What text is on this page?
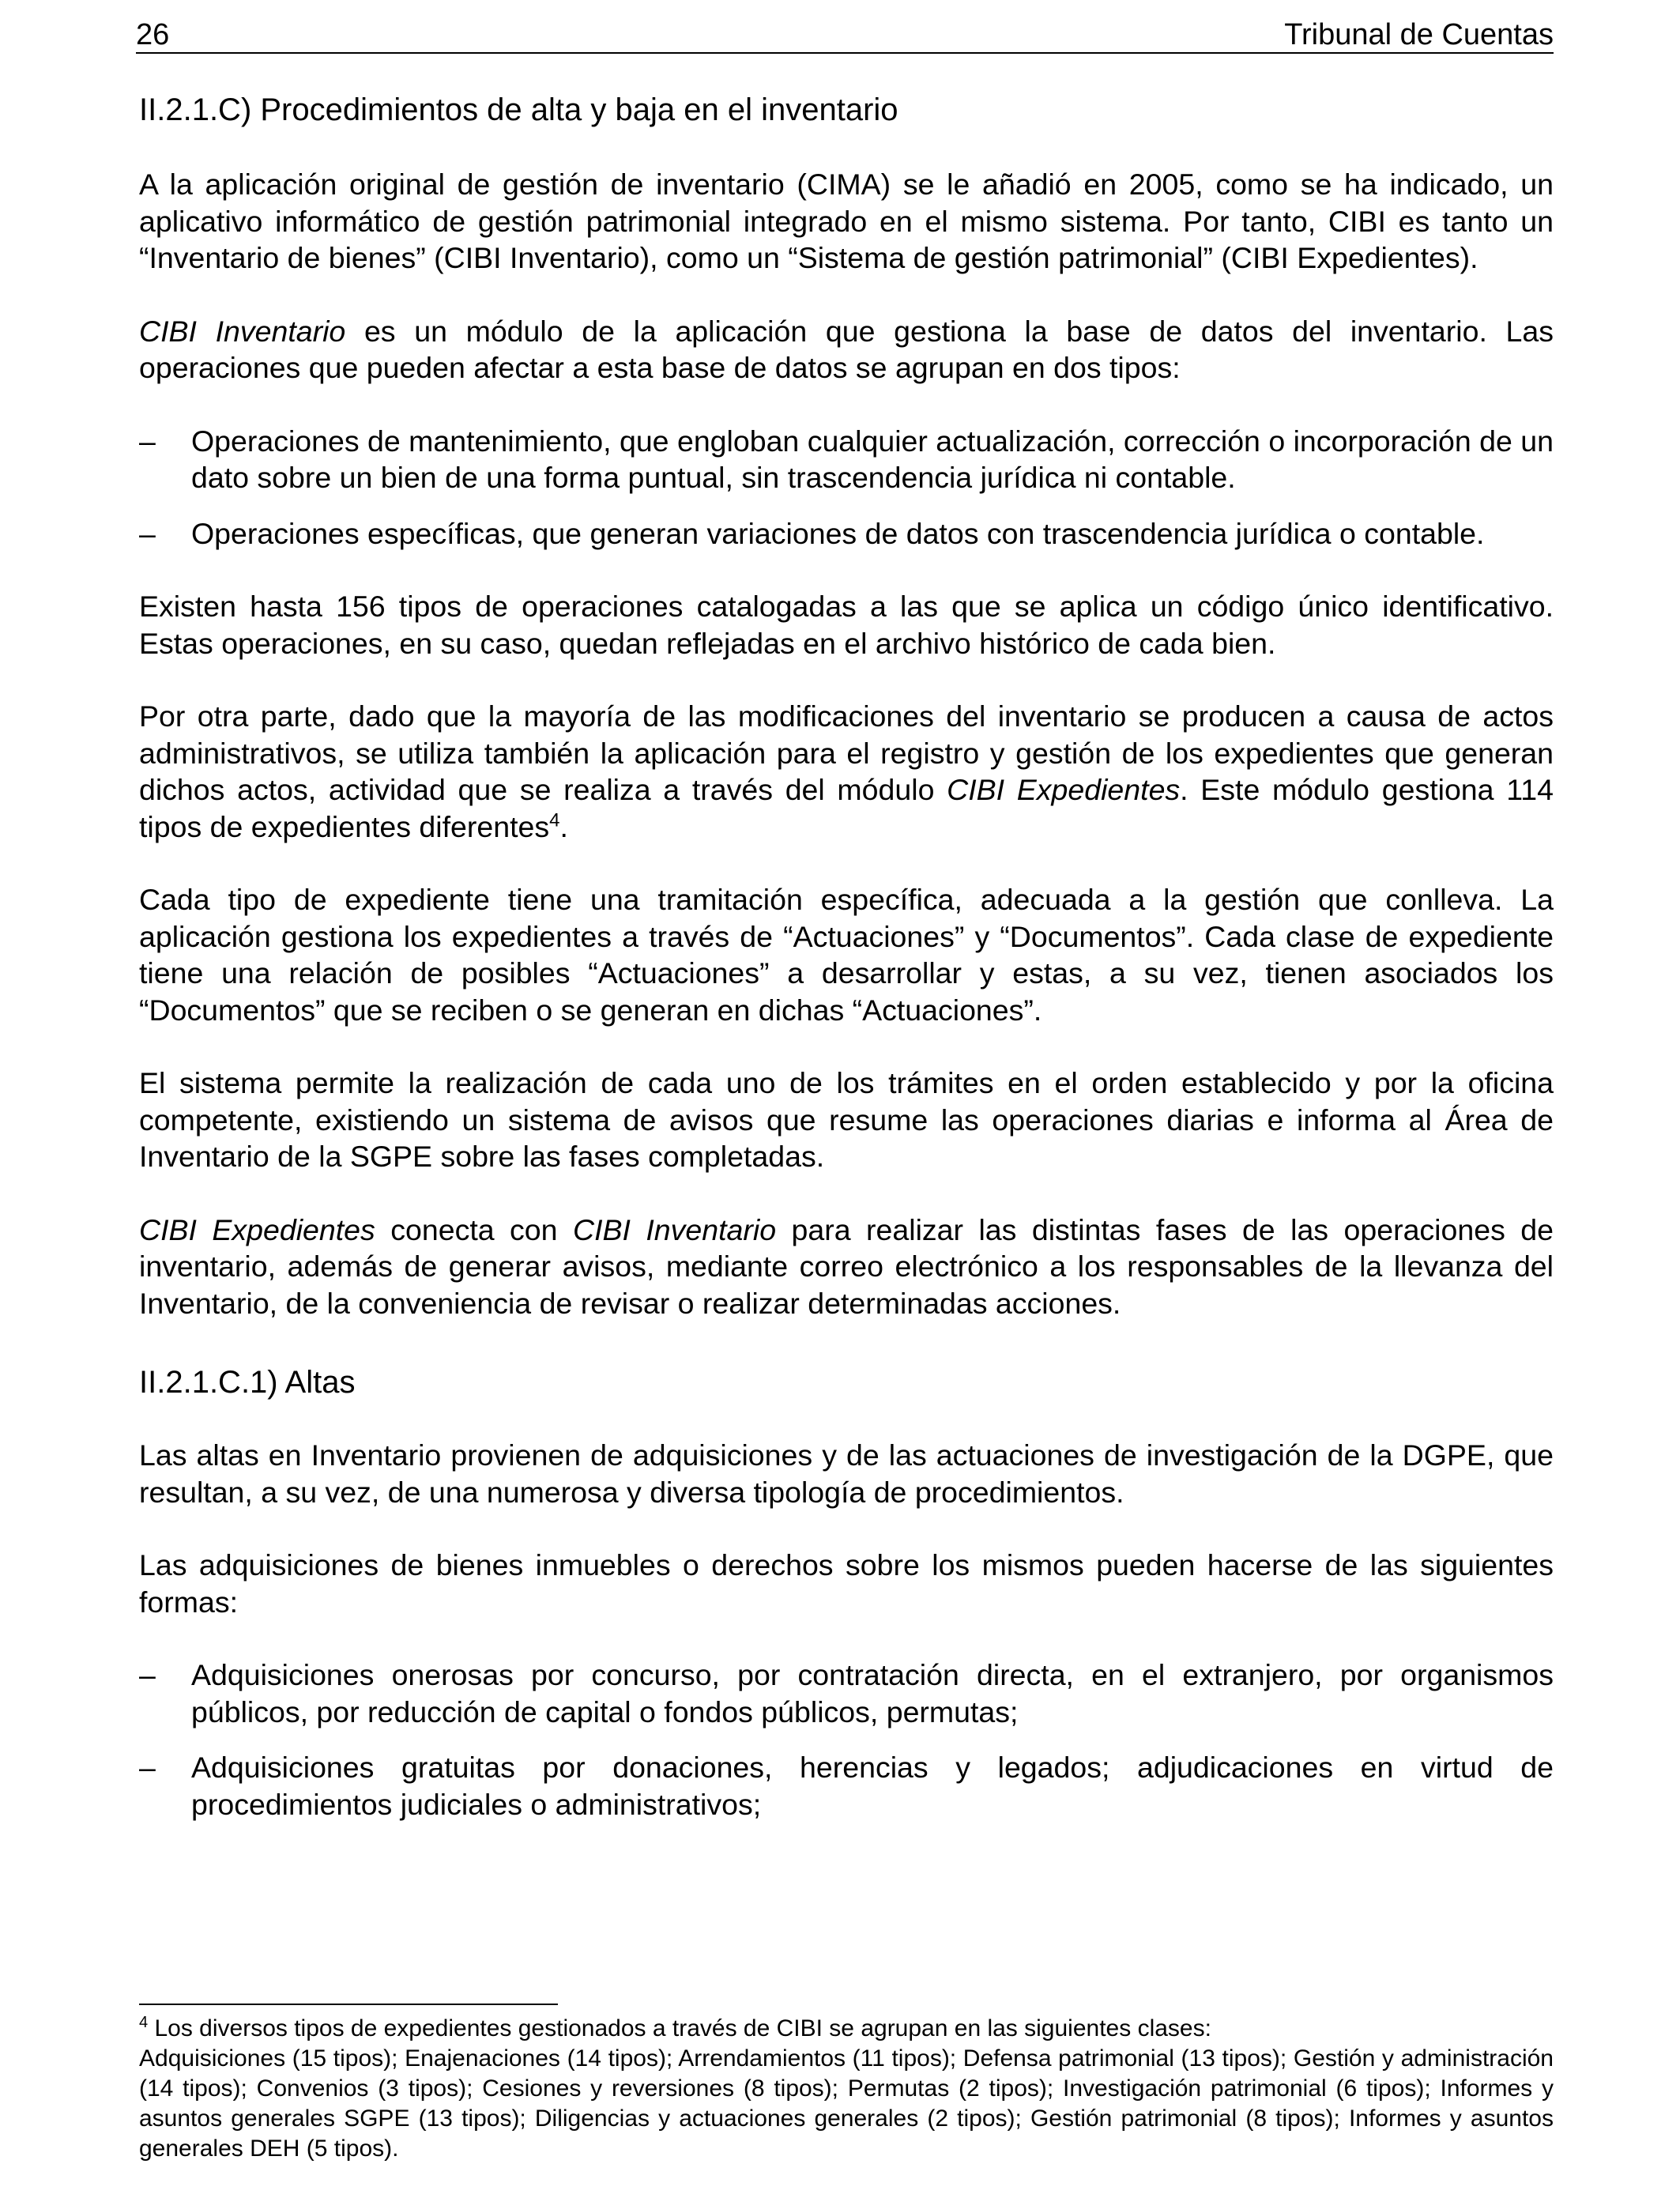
26	Tribunal de Cuentas
II.2.1.C) Procedimientos de alta y baja en el inventario

A la aplicación original de gestión de inventario (CIMA) se le añadió en 2005, como se ha indicado, un aplicativo informático de gestión patrimonial integrado en el mismo sistema. Por tanto, CIBI es tanto un “Inventario de bienes” (CIBI Inventario), como un “Sistema de gestión patrimonial” (CIBI Expedientes).

CIBI Inventario es un módulo de la aplicación que gestiona la base de datos del inventario. Las operaciones que pueden afectar a esta base de datos se agrupan en dos tipos:

– Operaciones de mantenimiento, que engloban cualquier actualización, corrección o incorporación de un dato sobre un bien de una forma puntual, sin trascendencia jurídica ni contable.
– Operaciones específicas, que generan variaciones de datos con trascendencia jurídica o contable.

Existen hasta 156 tipos de operaciones catalogadas a las que se aplica un código único identificativo. Estas operaciones, en su caso, quedan reflejadas en el archivo histórico de cada bien.

Por otra parte, dado que la mayoría de las modificaciones del inventario se producen a causa de actos administrativos, se utiliza también la aplicación para el registro y gestión de los expedientes que generan dichos actos, actividad que se realiza a través del módulo CIBI Expedientes. Este módulo gestiona 114 tipos de expedientes diferentes$^4$.

Cada tipo de expediente tiene una tramitación específica, adecuada a la gestión que conlleva. La aplicación gestiona los expedientes a través de “Actuaciones” y “Documentos”. Cada clase de expediente tiene una relación de posibles “Actuaciones” a desarrollar y estas, a su vez, tienen asociados los “Documentos” que se reciben o se generan en dichas “Actuaciones”.

El sistema permite la realización de cada uno de los trámites en el orden establecido y por la oficina competente, existiendo un sistema de avisos que resume las operaciones diarias e informa al Área de Inventario de la SGPE sobre las fases completadas.

CIBI Expedientes conecta con CIBI Inventario para realizar las distintas fases de las operaciones de inventario, además de generar avisos, mediante correo electrónico a los responsables de la llevanza del Inventario, de la conveniencia de revisar o realizar determinadas acciones.

II.2.1.C.1) Altas

Las altas en Inventario provienen de adquisiciones y de las actuaciones de investigación de la DGPE, que resultan, a su vez, de una numerosa y diversa tipología de procedimientos.

Las adquisiciones de bienes inmuebles o derechos sobre los mismos pueden hacerse de las siguientes formas:

– Adquisiciones onerosas por concurso, por contratación directa, en el extranjero, por organismos públicos, por reducción de capital o fondos públicos, permutas;
– Adquisiciones gratuitas por donaciones, herencias y legados; adjudicaciones en virtud de procedimientos judiciales o administrativos;
$^4$ Los diversos tipos de expedientes gestionados a través de CIBI se agrupan en las siguientes clases:
Adquisiciones (15 tipos); Enajenaciones (14 tipos); Arrendamientos (11 tipos); Defensa patrimonial (13 tipos); Gestión y administración (14 tipos); Convenios (3 tipos); Cesiones y reversiones (8 tipos); Permutas (2 tipos); Investigación patrimonial (6 tipos); Informes y asuntos generales SGPE (13 tipos); Diligencias y actuaciones generales (2 tipos); Gestión patrimonial (8 tipos); Informes y asuntos generales DEH (5 tipos).
